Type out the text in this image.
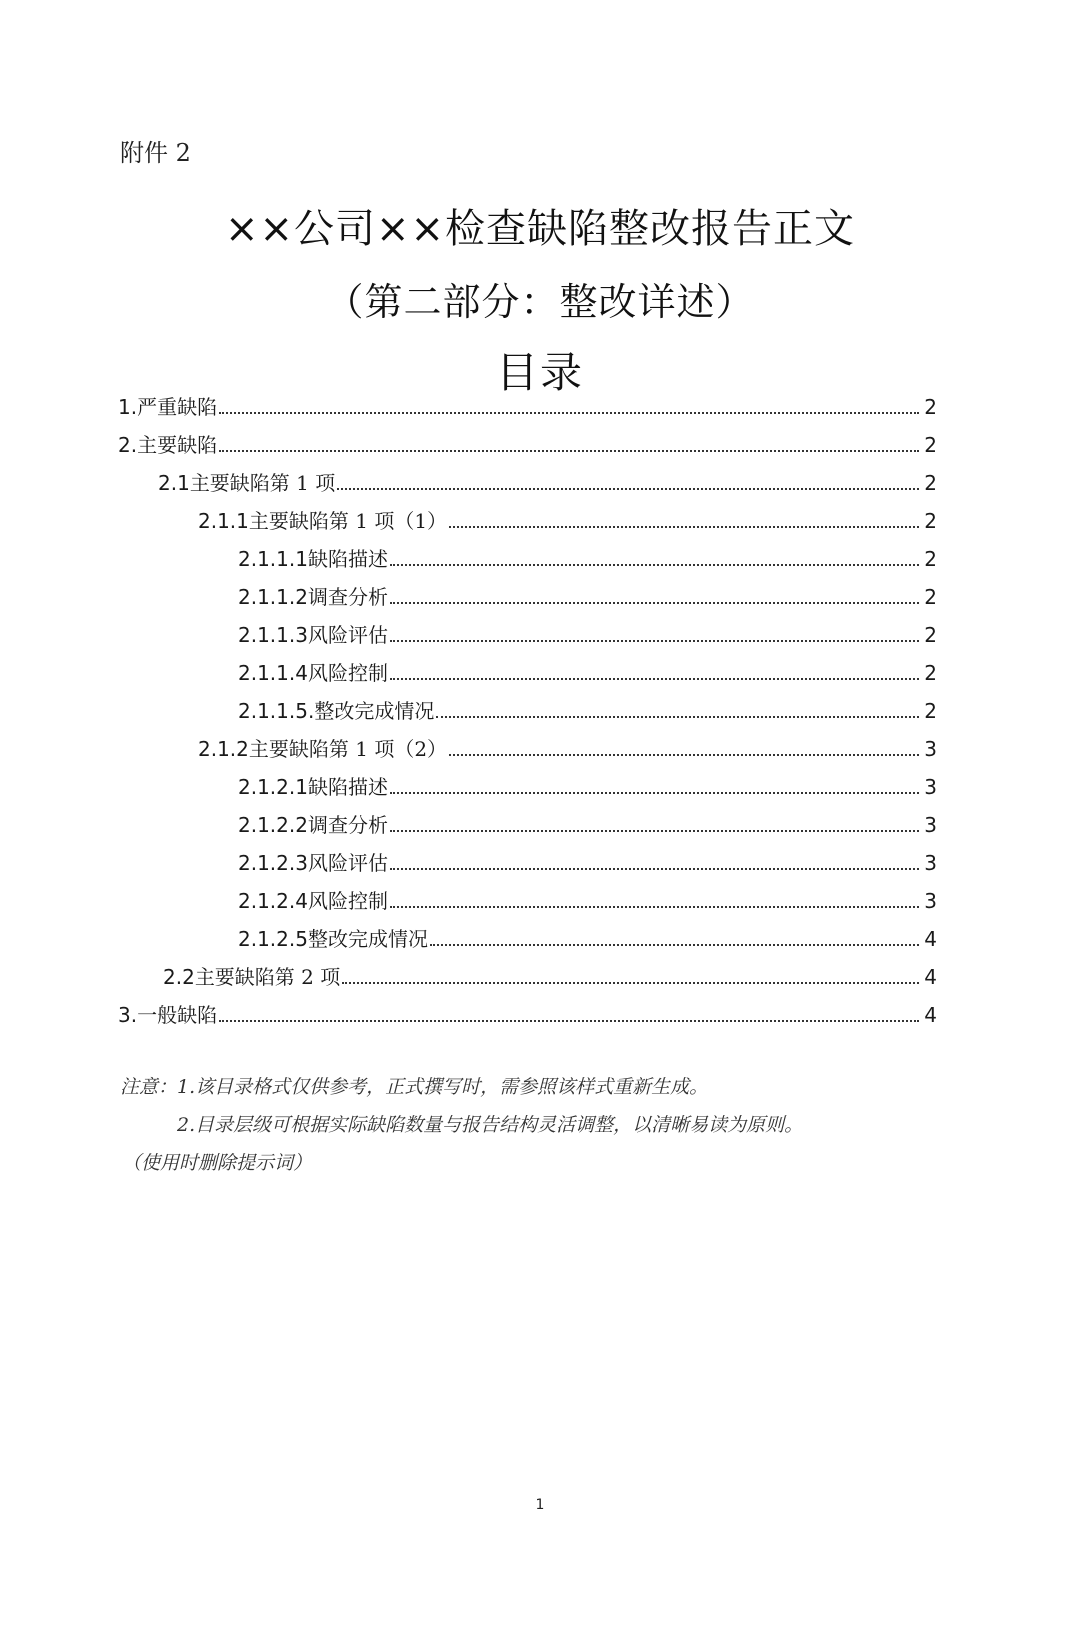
附件 2
××公司××检查缺陷整改报告正文
（第二部分：整改详述）
目录
1. 严重缺陷	2
2. 主要缺陷	2
2.1 主要缺陷第 1 项	2
2.1.1 主要缺陷第 1 项（1）	2
2.1.1.1 缺陷描述	2
2.1.1.2 调查分析	2
2.1.1.3 风险评估	2
2.1.1.4 风险控制	2
2.1.1.5. 整改完成情况	2
2.1.2 主要缺陷第 1 项（2）	3
2.1.2.1 缺陷描述	3
2.1.2.2 调查分析	3
2.1.2.3 风险评估	3
2.1.2.4 风险控制	3
2.1.2.5 整改完成情况	4
2.2 主要缺陷第 2 项	4
3. 一般缺陷	4
注意：1.该目录格式仅供参考，正式撰写时，需参照该样式重新生成。
2.目录层级可根据实际缺陷数量与报告结构灵活调整，以清晰易读为原则。
（使用时删除提示词）
1
